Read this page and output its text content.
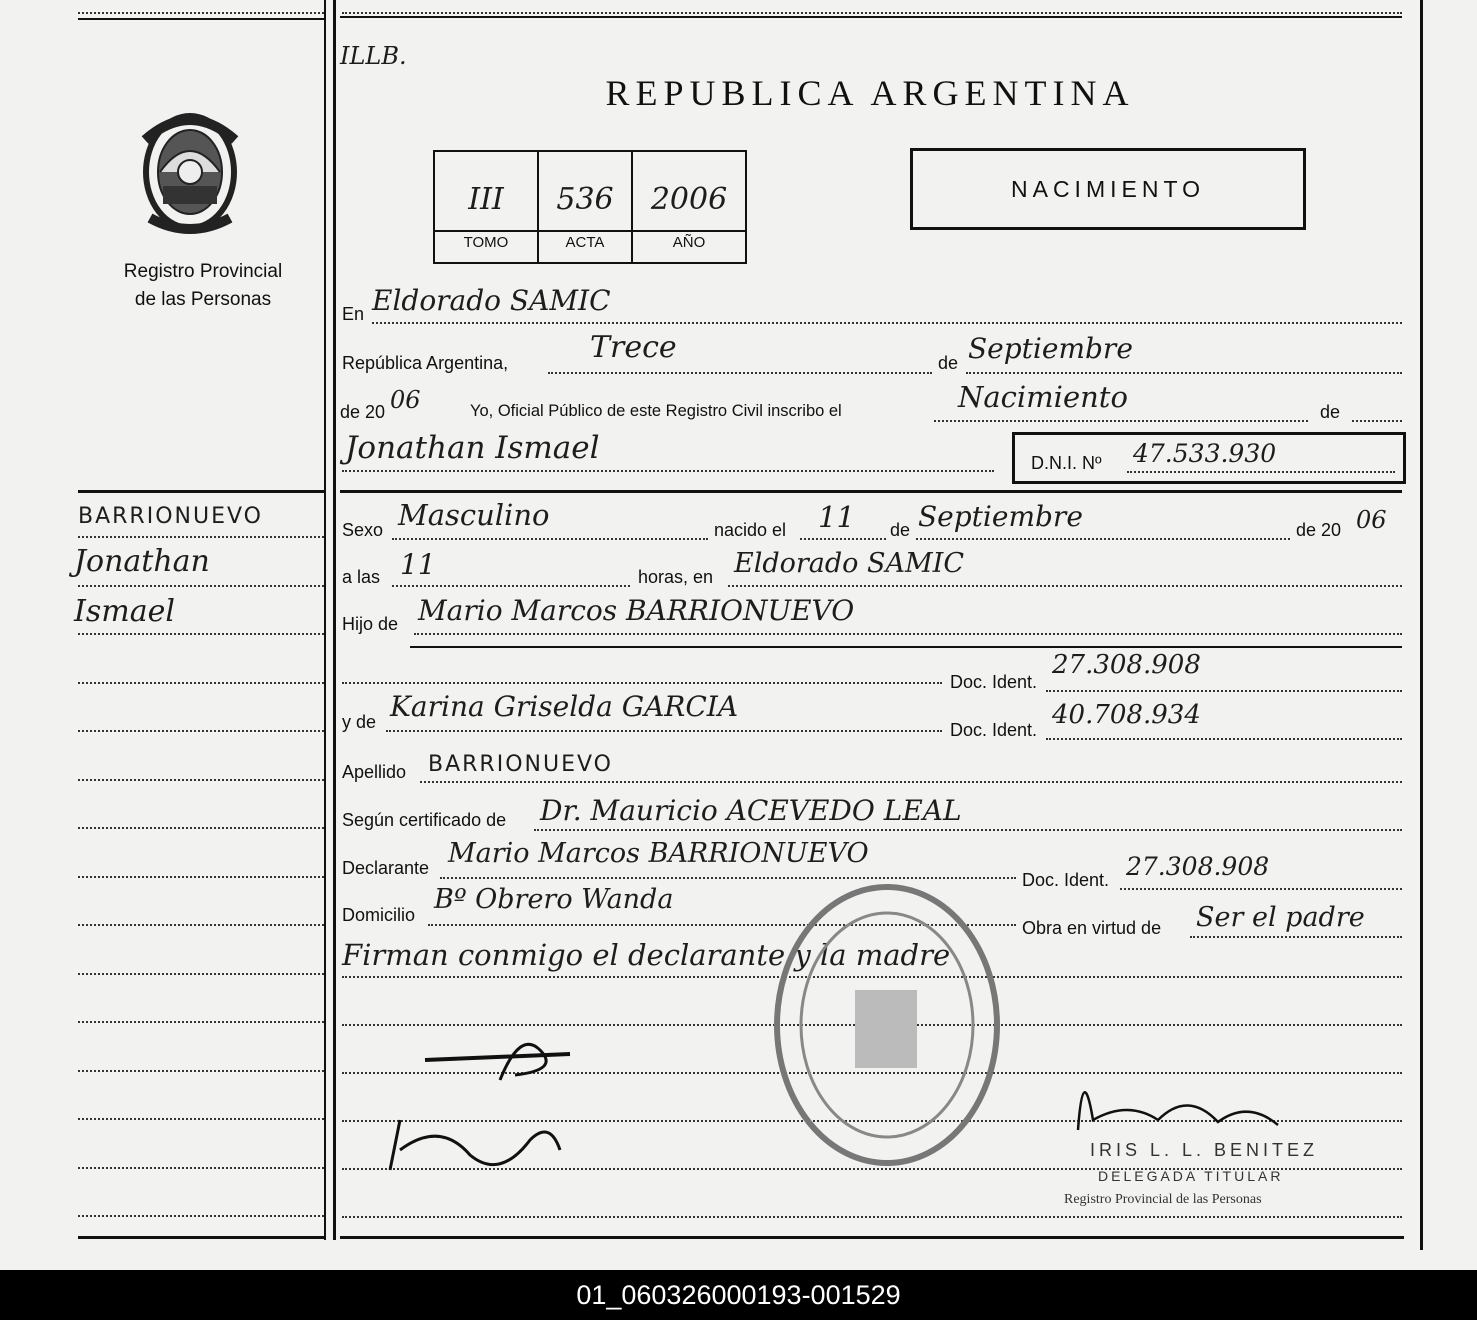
Registro Provincial
de las Personas
ILLB.
REPUBLICA ARGENTINA
III	536	2006
TOMO	ACTA	AÑO
NACIMIENTO
En Eldorado SAMIC
República Argentina,	Trece	de Septiembre
de 20 06	Yo, Oficial Público de este Registro Civil inscribo el	Nacimiento	de
Jonathan Ismael	D.N.I. Nº 47.533.930
BARRIONUEVO
Jonathan
Ismael
Sexo Masculino	nacido el 11 de Septiembre	de 20 06
a las 11	horas, en Eldorado SAMIC
Hijo de Mario Marcos BARRIONUEVO
Doc. Ident.
27.308.908
y de Karina Griselda GARCIA
Doc. Ident. 40.708.934
Apellido BARRIONUEVO
Según certificado de Dr. Mauricio ACEVEDO LEAL
Declarante Mario Marcos BARRIONUEVO
Doc. Ident. 27.308.908
Domicilio Bº Obrero Wanda
Obra en virtud de Ser el padre
Firman conmigo el declarante y la madre
IRIS L. L. BENITEZ
DELEGADA TITULAR
Registro Provincial de las Personas
01_060326000193-001529
